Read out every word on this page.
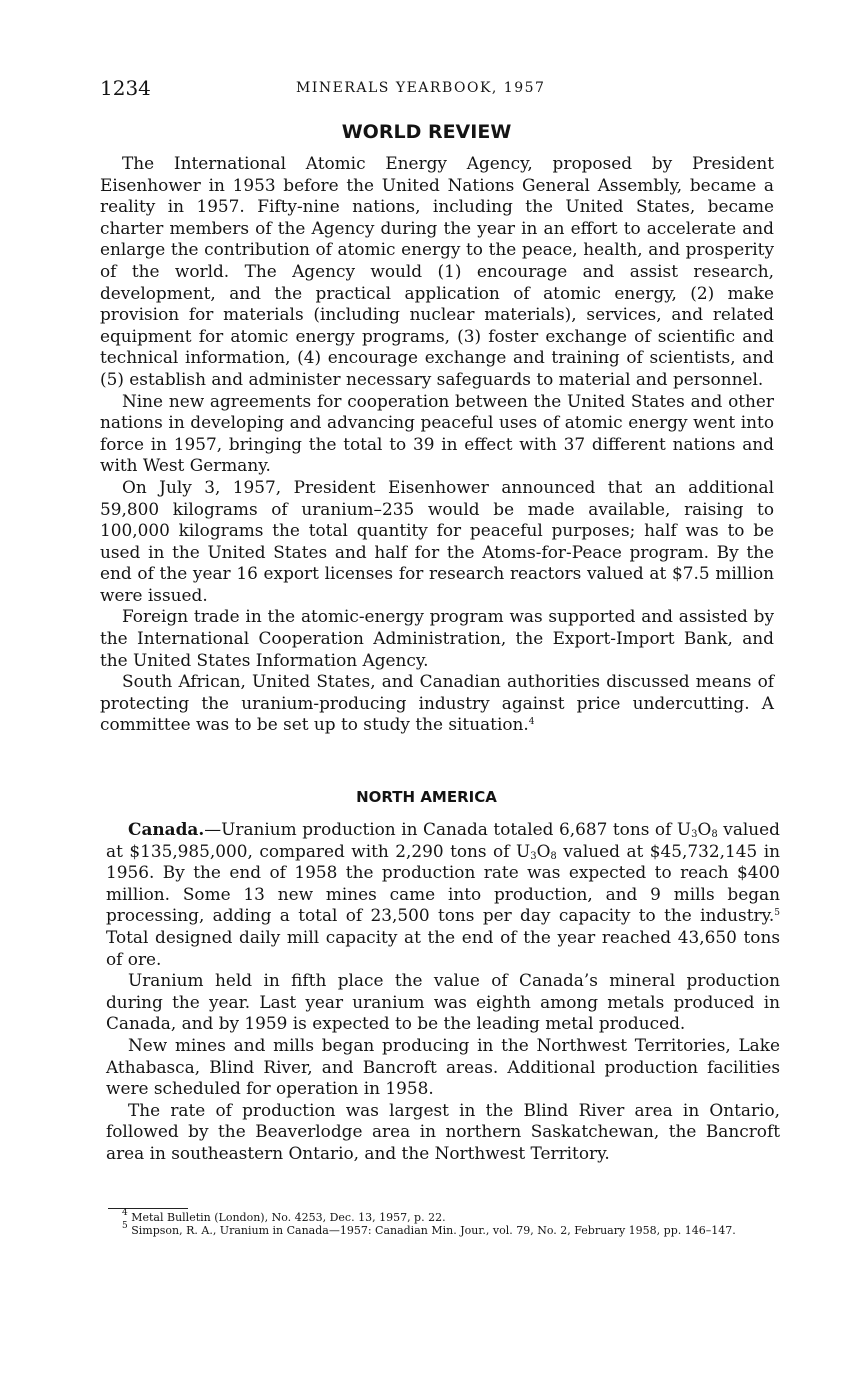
1234	MINERALS YEARBOOK, 1957
WORLD REVIEW

The International Atomic Energy Agency, proposed by President Eisenhower in 1953 before the United Nations General Assembly, became a reality in 1957. Fifty-nine nations, including the United States, became charter members of the Agency during the year in an effort to accelerate and enlarge the contribution of atomic energy to the peace, health, and prosperity of the world. The Agency would (1) encourage and assist research, development, and the practical application of atomic energy, (2) make provision for materials (including nuclear materials), services, and related equipment for atomic energy programs, (3) foster exchange of scientific and technical information, (4) encourage exchange and training of scientists, and (5) establish and administer necessary safeguards to material and personnel.

Nine new agreements for cooperation between the United States and other nations in developing and advancing peaceful uses of atomic energy went into force in 1957, bringing the total to 39 in effect with 37 different nations and with West Germany.

On July 3, 1957, President Eisenhower announced that an additional 59,800 kilograms of uranium–235 would be made available, raising to 100,000 kilograms the total quantity for peaceful purposes; half was to be used in the United States and half for the Atoms-for-Peace program. By the end of the year 16 export licenses for research reactors valued at $7.5 million were issued.

Foreign trade in the atomic-energy program was supported and assisted by the International Cooperation Administration, the Export-Import Bank, and the United States Information Agency.

South African, United States, and Canadian authorities discussed means of protecting the uranium-producing industry against price undercutting. A committee was to be set up to study the situation.$^4$

NORTH AMERICA

Canada.—Uranium production in Canada totaled 6,687 tons of $U_3O_8$ valued at $135,985,000, compared with 2,290 tons of $U_3O_8$ valued at $45,732,145 in 1956. By the end of 1958 the production rate was expected to reach $400 million. Some 13 new mines came into production, and 9 mills began processing, adding a total of 23,500 tons per day capacity to the industry.$^5$ Total designed daily mill capacity at the end of the year reached 43,650 tons of ore.

Uranium held in fifth place the value of Canada’s mineral production during the year. Last year uranium was eighth among metals produced in Canada, and by 1959 is expected to be the leading metal produced.

New mines and mills began producing in the Northwest Territories, Lake Athabasca, Blind River, and Bancroft areas. Additional production facilities were scheduled for operation in 1958.

The rate of production was largest in the Blind River area in Ontario, followed by the Beaverlodge area in northern Saskatchewan, the Bancroft area in southeastern Ontario, and the Northwest Territory.

$^4$ Metal Bulletin (London), No. 4253, Dec. 13, 1957, p. 22.

$^5$ Simpson, R. A., Uranium in Canada—1957: Canadian Min. Jour., vol. 79, No. 2, February 1958, pp. 146–147.
